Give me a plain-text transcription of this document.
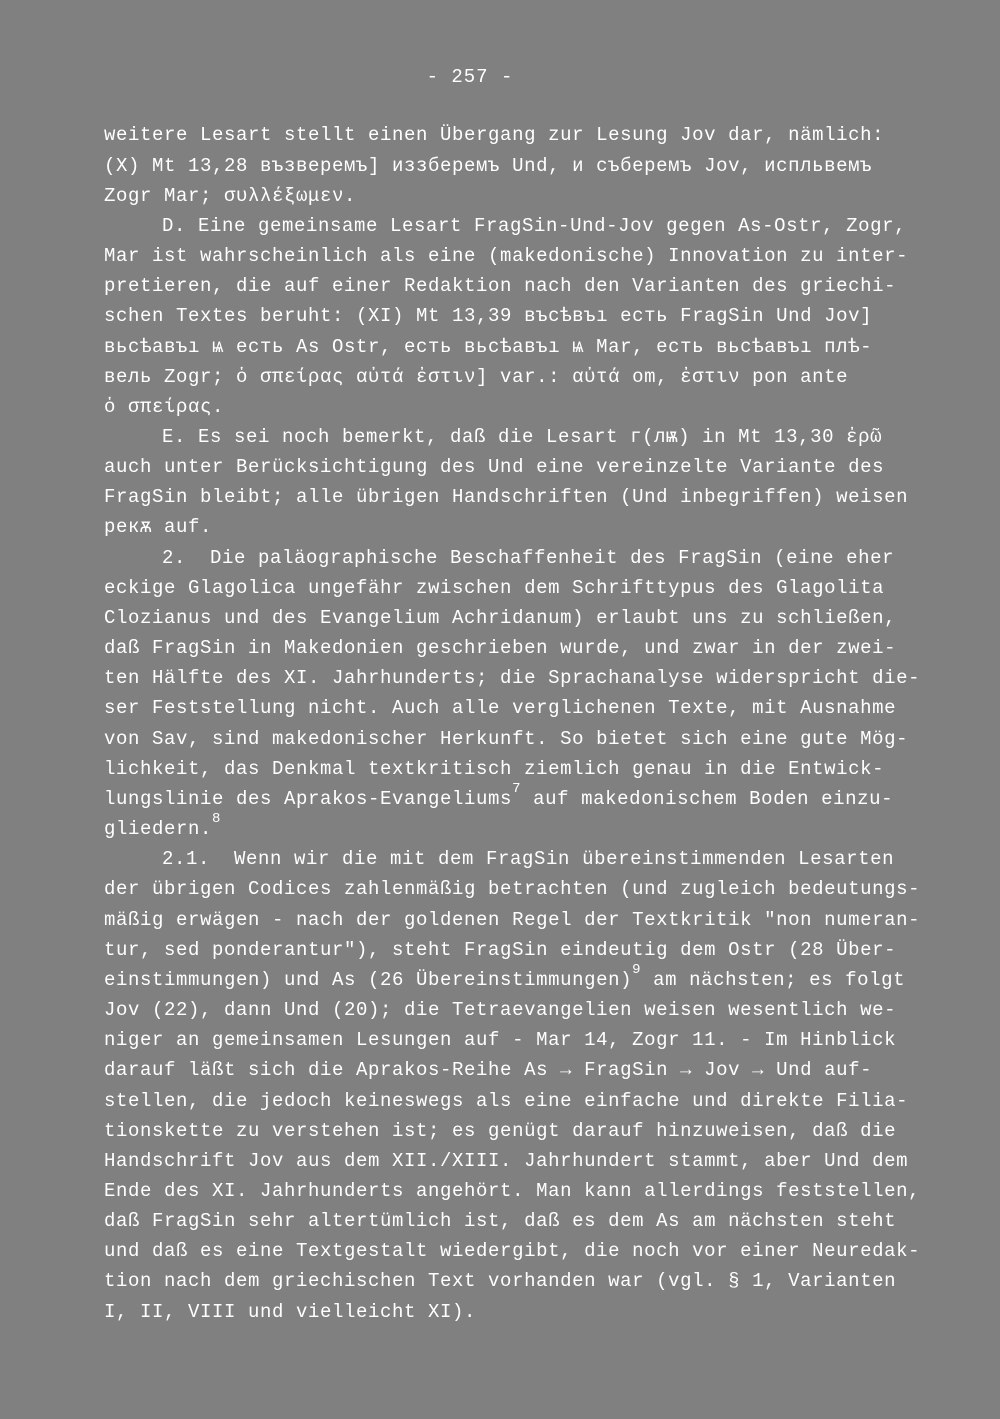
- 257 -
weitere Lesart stellt einen Übergang zur Lesung Jov dar, nämlich:
(X) Mt 13,28 възверемъ] иззберемъ Und, и съберемъ Jov, испльвемъ
Zogr Mar; συλλέξωμεν.
D. Eine gemeinsame Lesart FragSin-Und-Jov gegen As-Ostr, Zogr,
Mar ist wahrscheinlich als eine (makedonische) Innovation zu inter-
pretieren, die auf einer Redaktion nach den Varianten des griechi-
schen Textes beruht: (XI) Mt 13,39 въсѣвъı есть FragSin Und Jov]
вьсѣавъı ѩ есть As Ostr, есть вьсѣавъı ѩ Mar, есть вьсѣавъı плѣ-
вель Zogr; ὁ σπείρας αὐτά ἐστιν] var.: αὐτά om, ἐστιν pon ante
ὁ σπείρας.
E. Es sei noch bemerkt, daß die Lesart г(лѭ) in Mt 13,30 ἐρῶ
auch unter Berücksichtigung des Und eine vereinzelte Variante des
FragSin bleibt; alle übrigen Handschriften (Und inbegriffen) weisen
рекѫ auf.
2.  Die paläographische Beschaffenheit des FragSin (eine eher
eckige Glagolica ungefähr zwischen dem Schrifttypus des Glagolita
Clozianus und des Evangelium Achridanum) erlaubt uns zu schließen,
daß FragSin in Makedonien geschrieben wurde, und zwar in der zwei-
ten Hälfte des XI. Jahrhunderts; die Sprachanalyse widerspricht die-
ser Feststellung nicht. Auch alle verglichenen Texte, mit Ausnahme
von Sav, sind makedonischer Herkunft. So bietet sich eine gute Mög-
lichkeit, das Denkmal textkritisch ziemlich genau in die Entwick-
lungslinie des Aprakos-Evangeliums$^7$ auf makedonischem Boden einzu-
gliedern.$^8$
2.1.  Wenn wir die mit dem FragSin übereinstimmenden Lesarten
der übrigen Codices zahlenmäßig betrachten (und zugleich bedeutungs-
mäßig erwägen - nach der goldenen Regel der Textkritik "non numeran-
tur, sed ponderantur"), steht FragSin eindeutig dem Ostr (28 Über-
einstimmungen) und As (26 Übereinstimmungen)$^9$ am nächsten; es folgt
Jov (22), dann Und (20); die Tetraevangelien weisen wesentlich we-
niger an gemeinsamen Lesungen auf - Mar 14, Zogr 11. - Im Hinblick
darauf läßt sich die Aprakos-Reihe As → FragSin → Jov → Und auf-
stellen, die jedoch keineswegs als eine einfache und direkte Filia-
tionskette zu verstehen ist; es genügt darauf hinzuweisen, daß die
Handschrift Jov aus dem XII./XIII. Jahrhundert stammt, aber Und dem
Ende des XI. Jahrhunderts angehört. Man kann allerdings feststellen,
daß FragSin sehr altertümlich ist, daß es dem As am nächsten steht
und daß es eine Textgestalt wiedergibt, die noch vor einer Neuredak-
tion nach dem griechischen Text vorhanden war (vgl. § 1, Varianten
I, II, VIII und vielleicht XI).
